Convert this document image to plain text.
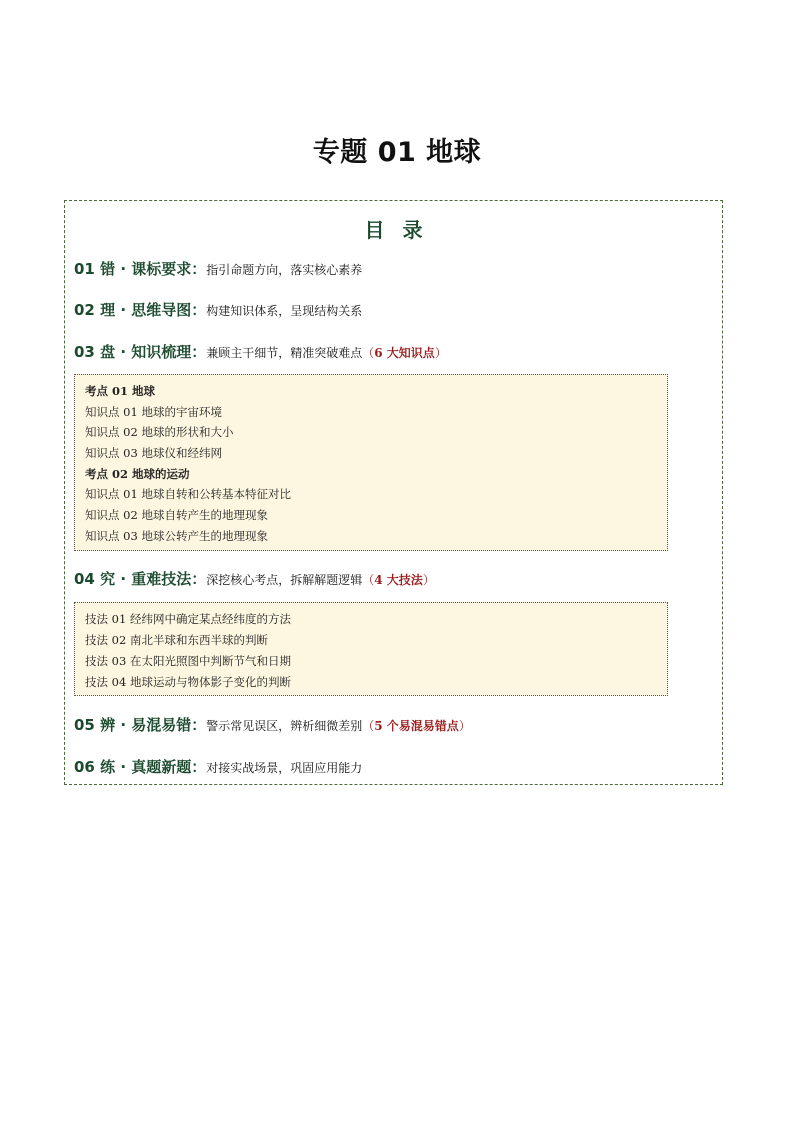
专题 01 地球
目录
01 错 · 课标要求：指引命题方向，落实核心素养
02 理 · 思维导图：构建知识体系，呈现结构关系
03 盘 · 知识梳理：兼顾主干细节，精准突破难点（6 大知识点）
考点 01 地球
知识点 01 地球的宇宙环境
知识点 02 地球的形状和大小
知识点 03 地球仪和经纬网
考点 02 地球的运动
知识点 01 地球自转和公转基本特征对比
知识点 02 地球自转产生的地理现象
知识点 03 地球公转产生的地理现象
04 究 · 重难技法：深挖核心考点，拆解解题逻辑（4 大技法）
技法 01 经纬网中确定某点经纬度的方法
技法 02 南北半球和东西半球的判断
技法 03 在太阳光照图中判断节气和日期
技法 04 地球运动与物体影子变化的判断
05 辨 · 易混易错：警示常见误区，辨析细微差别（5 个易混易错点）
06 练 · 真题新题：对接实战场景，巩固应用能力
